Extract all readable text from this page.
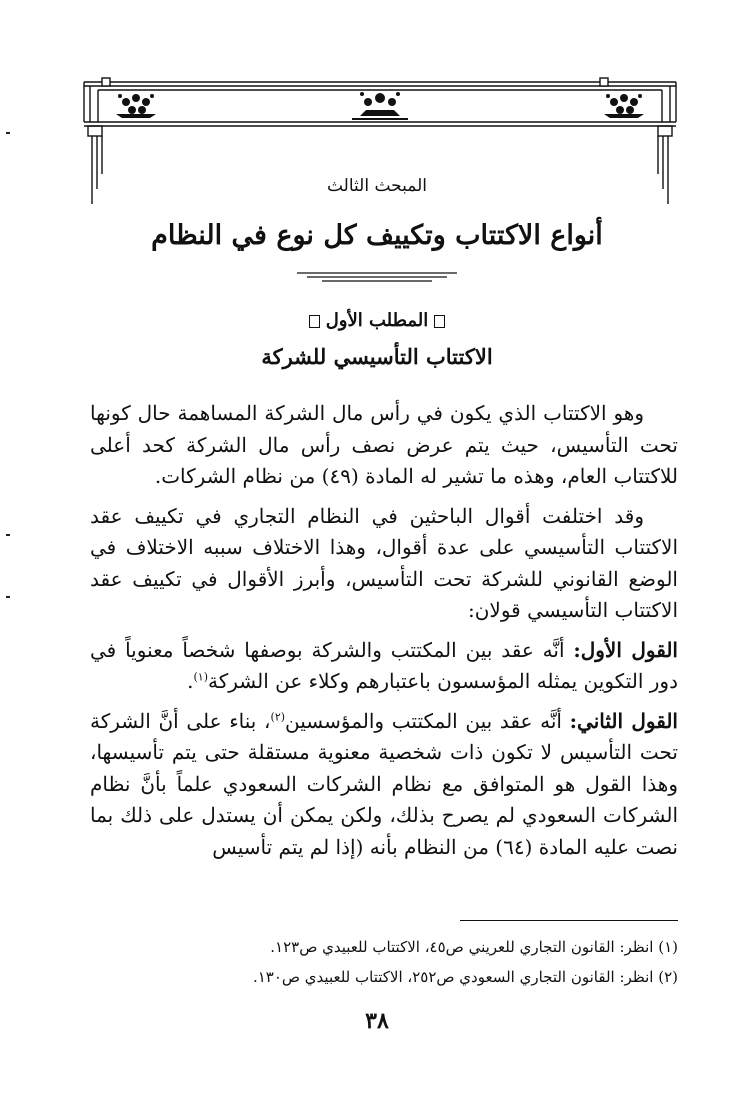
المبحث الثالث
أنواع الاكتتاب وتكييف كل نوع في النظام
المطلب الأول
الاكتتاب التأسيسي للشركة

وهو الاكتتاب الذي يكون في رأس مال الشركة المساهمة حال كونها تحت التأسيس، حيث يتم عرض نصف رأس مال الشركة كحد أعلى للاكتتاب العام، وهذه ما تشير له المادة (٤٩) من نظام الشركات.

وقد اختلفت أقوال الباحثين في النظام التجاري في تكييف عقد الاكتتاب التأسيسي على عدة أقوال، وهذا الاختلاف سببه الاختلاف في الوضع القانوني للشركة تحت التأسيس، وأبرز الأقوال في تكييف عقد الاكتتاب التأسيسي قولان:

القول الأول: أنَّه عقد بين المكتتب والشركة بوصفها شخصاً معنوياً في دور التكوين يمثله المؤسسون باعتبارهم وكلاء عن الشركة$^{(١)}$.

القول الثاني: أنَّه عقد بين المكتتب والمؤسسين$^{(٢)}$، بناء على أنَّ الشركة تحت التأسيس لا تكون ذات شخصية معنوية مستقلة حتى يتم تأسيسها، وهذا القول هو المتوافق مع نظام الشركات السعودي علماً بأنَّ نظام الشركات السعودي لم يصرح بذلك، ولكن يمكن أن يستدل على ذلك بما نصت عليه المادة (٦٤) من النظام بأنه (إذا لم يتم تأسيس

(١) انظر: القانون التجاري للعريني ص٤٥، الاكتتاب للعبيدي ص١٢٣.

(٢) انظر: القانون التجاري السعودي ص٢٥٢، الاكتتاب للعبيدي ص١٣٠.

٣٨
